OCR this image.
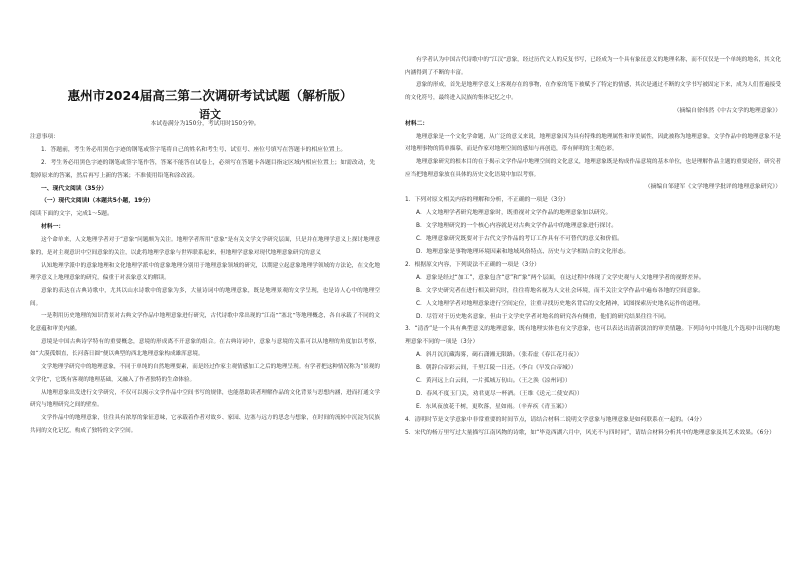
惠州市2024届高三第二次调研考试试题（解析版）
语文

本试卷满分为150分，考试用时150分钟。

注意事项：

1．答题前，考生务必用黑色字迹的钢笔或签字笔将自己的姓名和考生号、试室号、座位号填写在答题卡的相应位置上。

2．考生务必用黑色字迹的钢笔或签字笔作答，答案不能答在试卷上，必须写在答题卡各题目指定区域内相应位置上；如需改动，先划掉原来的答案，然后再写上新的答案；不准使用铅笔和涂改液。

一、现代文阅读（35分）

（一）现代文阅读Ⅰ（本题共5小题，19分）

阅读下面的文字，完成1～5题。

材料一：

这个命单来，人文地理学者对于“意象”问题颇为关注。地理学者所用“意象”是有关文学文学研究层面，只是并在地理学意义上探讨地理意象的，是对主观意识中空间意象的关注，以此将地理学意象与世界联系起来，但地理学意象对现代地理意象研究的意义

认知地理学派中的意象地理和文化地理学派中的意象地理分别用于地理意象领域的研究，以期建立起意象地理学领域的方法论，在文化地理学意义上地理意象的研究，偏重于对表象意义的解读。

意象的表达在古典诗歌中，尤其以山水诗歌中的意象为多，大量诗词中的地理意象，既是地理景观的文学呈现，也是诗人心中的地理空间。

一是利用历史地理的知识背景对古典文学作品中地理意象进行研究，古代诗歌中常出现的“江南”“塞北”等地理概念，各自承载了不同的文化意蕴和审美内涵。

意境是中国古典诗学特有的重要概念，意境的形成离不开意象的组合。在古典诗词中，意象与意境的关系可以从地理的角度加以考察，如“大漠孤烟直，长河落日圆”便以典型的西北地理意象构成雄浑意境。

文学地理学研究中的地理意象，不同于单纯的自然地理要素，而是经过作家主观情感加工之后的地理呈现。有学者把这种情况称为“景观的文学化”，它既有客观的地理基础，又融入了作者独特的生命体验。

从地理意象出发进行文学研究，不仅可以揭示文学作品中空间书写的规律，也能帮助读者理解作品的文化背景与思想内涵，进而打通文学研究与地理研究之间的壁垒。

文学作品中的地理意象，往往具有浓厚的象征意味，它承载着作者对故乡、家园、边塞与远方的思念与想象，在时间的流转中沉淀为民族共同的文化记忆，构成了独特的文学空间。

有学者认为中国古代诗歌中的“江汉”意象，经过历代文人的反复书写，已经成为一个具有象征意义的地理名称，而不仅仅是一个单纯的地名，其文化内涵得到了不断的丰富。

意象的形成，首先是地理学意义上客观存在的事物，在作家的笔下被赋予了特定的情感，其次是通过不断的文学书写被固定下来，成为人们普遍接受的文化符号，最终进入民族的集体记忆之中。

（摘编自徐伟然《中古文学的地理意象》）

材料二：

地理意象是一个文化学命题，从广泛的意义来说，地理意象因为具有特殊的地理属性和审美属性，因此被称为地理意象，文学作品中的地理意象不是对地理事物的简单描摹，而是作家对地理空间的感知与再创造，带有鲜明的主观色彩。

地理意象研究的根本目的在于揭示文学作品中地理空间的文化意义，地理意象既是构成作品意境的基本单位，也是理解作品主题的重要途径，研究者应当把地理意象放在具体的历史文化语境中加以考察。

（摘编自邹建军《文学地理学批评的地理意象研究》）

1．下列对原文相关内容的理解和分析，不正确的一项是（3分）

A．人文地理学者研究地理意象时，既重视对文学作品的地理意象加以研究。

B．文学地理研究的一个核心内容就是对古典文学作品中的地理意象进行探讨。

C．地理意象研究既要对于古代文学作品的考订工作具有不可替代的意义和价值。

D．地理意象是事物地理环境因素和地域风俗特点、历史与文学相结合的文化形态。

2．根据原文内容，下列说法不正确的一项是（3分）

A．意象是经过“加工”，意象包含“意”和“象”两个层面，在这过程中体现了文学史观与人文地理学者的视野差异。

B．文学史研究者在进行相关研究时，往往将地名视为人文社会环境，而不关注文学作品中遍布各地的空间意象。

C．人文地理学者对地理意象进行空间定位，注重寻找历史地名背后的文化精神，试图探索历史地名运作的道理。

D．尽管对于历史地名意象，但由于文学史学者对地名的研究各有侧重，他们的研究结果往往不同。

3．“清香”是一个具有典型意义的地理意象，既有地理实体也有文学意象，也可以表达出清新淡泊的审美情趣。下列诗句中其他几个选项中出现的地理意象不同的一项是（3分）

A．斜月沉沉藏海雾，碣石潇湘无限路。（张若虚《春江花月夜》）

B．朝辞白帝彩云间，千里江陵一日还。（李白《早发白帝城》）

C．黄河远上白云间，一片孤城万仞山。（王之涣《凉州词》）

D．春风不度玉门关，劝君更尽一杯酒。（王维《送元二使安西》）

E．东风夜放花千树，更吹落，星如雨。（辛弃疾《青玉案》）

4．清明时节是文学意象中非常重要的时间节点，请结合材料二说明文学意象与地理意象是如何联系在一起的。（4分）

5．宋代的杨万里写过大量描写江南风物的诗歌，如“毕竟西湖六月中，风光不与四时同”，请结合材料分析其中的地理意象及其艺术效果。（6分）
